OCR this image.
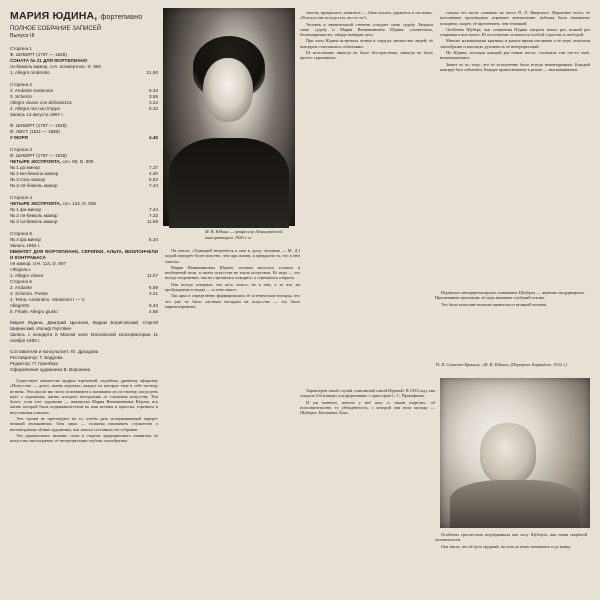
МАРИЯ ЮДИНА, фортепиано
ПОЛНОЕ СОБРАНИЕ ЗАПИСЕЙ
Выпуск III
Сторона 1
Ф. ШУБЕРТ (1797 — 1828)
СОНАТА № 21 ДЛЯ ФОРТЕПИАНО
си-бемоль мажор, соч. посмертное, D. 960
1. Allegro moderato	21.50
Сторона 2
2. Andante sostenuto	9.33
3. Scherzo	3.55
Allegro vivace con delicatezza	3.24
4. Allegro ma non troppo	6.33
Запись 13 августа 1967 г.
Ф. ШУБЕРТ (1797 — 1828)
Ф. ЛИСТ (1811 — 1886)
У МОРЯ	4.45
Сторона 3
Ф. ШУБЕРТ (1797 — 1828)
ЧЕТЫРЕ ЭКСПРОМТА, соч. 90, D. 899
№ 1 до минор	7.37
№ 2 ми-бемоль мажор	4.40
№ 3 соль мажор	5.53
№ 4 ля-бемоль мажор	7.44
Сторона 4
ЧЕТЫРЕ ЭКСПРОМТА, соч. 142, D. 935
№ 1 фа минор	7.44
№ 2 ля-бемоль мажор	7.22
№ 3 си-бемоль мажор	11.56
Сторона 5
№ 4 фа минор	5.34
Запись 1964 г.
КВИНТЕТ ДЛЯ ФОРТЕПИАНО, СКРИПКИ, АЛЬТА, ВИОЛОНЧЕЛИ И КОНТРАБАСА
ля мажор, соч. 114, D. 667
«Форель»
1. Allegro vivace	11.07
Сторона 6
2. Andante	6.59
3. Scherzo. Presto	3.21
4. Tema. Andantino. Variazioni I — V.
Allegretto	9.43
5. Finale. Allegro giusto	4.56
Мария Юдина, Дмитрий Цыганов, Вадим Борисовский, Сергей Ширинский, Иосиф Гертович
Запись с концерта в Малом зале Московской консерватории 11 ноября 1960 г.
Составители и консультант: Ю. Дроздова
Реставратор: Т. Бодрова
Редактор: П. Грюнберг
Оформление художника В. Воронина

Существует множество мудрых изречений, подобных древнему афоризму «Искусство — долго, жизнь коротка», каждое из которых таит в себе частицу истины. Эти мысли мы часто вспоминаем и понимаем их по-своему, когда речь идёт о художнике, жизнь которого неотделима от служения искусству. Тем более, если этот художник — пианистка Мария Вениаминовна Юдина, вся жизнь которой была подвижничеством во имя истины и красоты, горением и неустанным поиском.

Эти строки не претендуют на то, чтобы дать исчерпывающий портрет великой музыкантши. Они лишь — попытка напомнить слушателю о неповторимом облике художника, чьи записи составили это собрание.

Это удивительное явление стоит в стороне традиционного пианизма; её искусство многогранно, её интерпретации глубоко своеобразны.

М. В. Юдина — профессор Ленинградской консерватории. 1920-е гг.

Он писал: «Удающий вторгнется к нам в душу человека — М. Д.] порой передаёт более властно, чем при жизни, и прекрасно то, что в нём таится».

Мария Вениаминовна Юдина, человек могучего таланта и необъятной воли, в своём искусстве не знала полутонов. Её игра — это всегда откровение; она не стремилась покорить, а стремилась открыть.

Она всегда говорила, что весь смысл, не в нём, а то что ты пробуждаешь в людях — в этом смысл.

Так ярко и определённо формировались её эстетические взгляды, что это уже не было частным взглядом на искусство — это было мировоззрением.

светом, прекрасное, понятное, — быть носить, держится и «истина». «В искусстве всегда есть что-то то?»

Человек в значительной степени созидает свою судьбу. Творила свою судьбу и Мария Вениаминовна Юдина; сознательно, бескомпромиссно, твёрдо выбирая путь.

При этом Юдина встречала отзвук в сердцах множества людей; её концерты становились событиями.

Её исполнение никогда не было бесстрастным, никогда не было просто «красивым».

Характерен такой случай, описанный самой Юдиной. В 1933 году она сыграла 5-й концерт для фортепиано с оркестром С. С. Прокофьева.

И уж конечно, многое у неё шло «с таким азартом», об исполнительстве, ту убеждённость, с которой она вела музыку — Шуберта, Бетховена, Баха.

сыграл его возле сыновью на пьесе Я. Л. Яворского. Вероятнее всего, её исполнение производило огромное впечатление: публика была неизменно покорена, скорее, её прочтением, чем техникой.

Особенно Шуберт, чьи сочинения Юдина сыграла много раз, всякий раз открывая в них новое. Её исполнение отличается особой страстью и свободой.

Многие музыкальные критики, в разное время писавшие о её игре, отмечали своеобразие и высокую духовность её интерпретаций.

Но Юдина, посещая каждый раз новые места, оставляла там что-то своё, нематериальное.

Знают её по тому, что её исполнение было всегда неповторимым. Каждый концерт был событием. Каждое прикосновение к роялю — высказыванием.

Юдинское интерпретаторское понимание Шуберта — явление неординарное. Пронизанная трагизмом, её игра вызывает глубокий отклик.

Это была поистине великая пианистка и великий человек.

Н. Я. Сенкевич-Бриннер. «М. В. Юдина» (Портрет. Карандаш. 1932 г.)

Особенно трогательно подчёркивала она силу Шуберта, как гения скорбной человечности.

Она знала, что её путь трудный, но шла по нему неизменно и до конца.
